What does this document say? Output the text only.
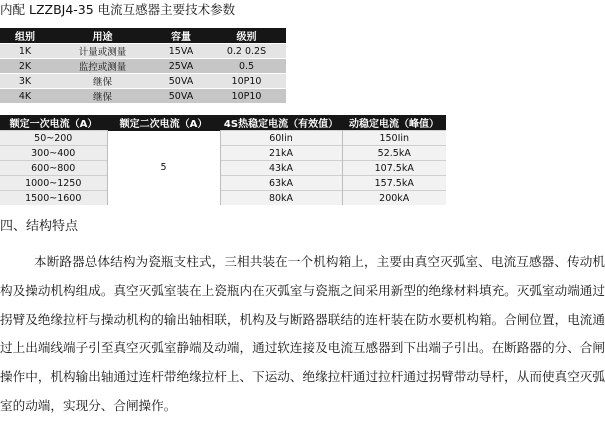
内配 LZZBJ4-35 电流互感器主要技术参数
组别	用途	容量	级别
1K	计量或测量	15VA	0.2 0.2S
2K	监控或测量	25VA	0.5
3K	继保	50VA	10P10
4K	继保	50VA	10P10
额定一次电流（A）	额定二次电流（A）	4S热稳定电流（有效值）	动稳定电流（峰值）
50~200	5	60Ⅰin	150Ⅰin
300~400		21kA	52.5kA
600~800		43kA	107.5kA
1000~1250		63kA	157.5kA
1500~1600		80kA	200kA
四、结构特点

本断路器总体结构为瓷瓶支柱式，三相共装在一个机构箱上，主要由真空灭弧室、电流互感器、传动机构及操动机构组成。真空灭弧室装在上瓷瓶内在灭弧室与瓷瓶之间采用新型的绝缘材料填充。灭弧室动端通过拐臂及绝缘拉杆与操动机构的输出轴相联，机构及与断路器联结的连杆装在防水要机构箱。合闸位置，电流通过上出端线端子引至真空灭弧室静端及动端，通过软连接及电流互感器到下出端子引出。在断路器的分、合闸操作中，机构输出轴通过连杆带绝缘拉杆上、下运动、绝缘拉杆通过拉杆通过拐臂带动导杆，从而使真空灭弧室的动端，实现分、合闸操作。
